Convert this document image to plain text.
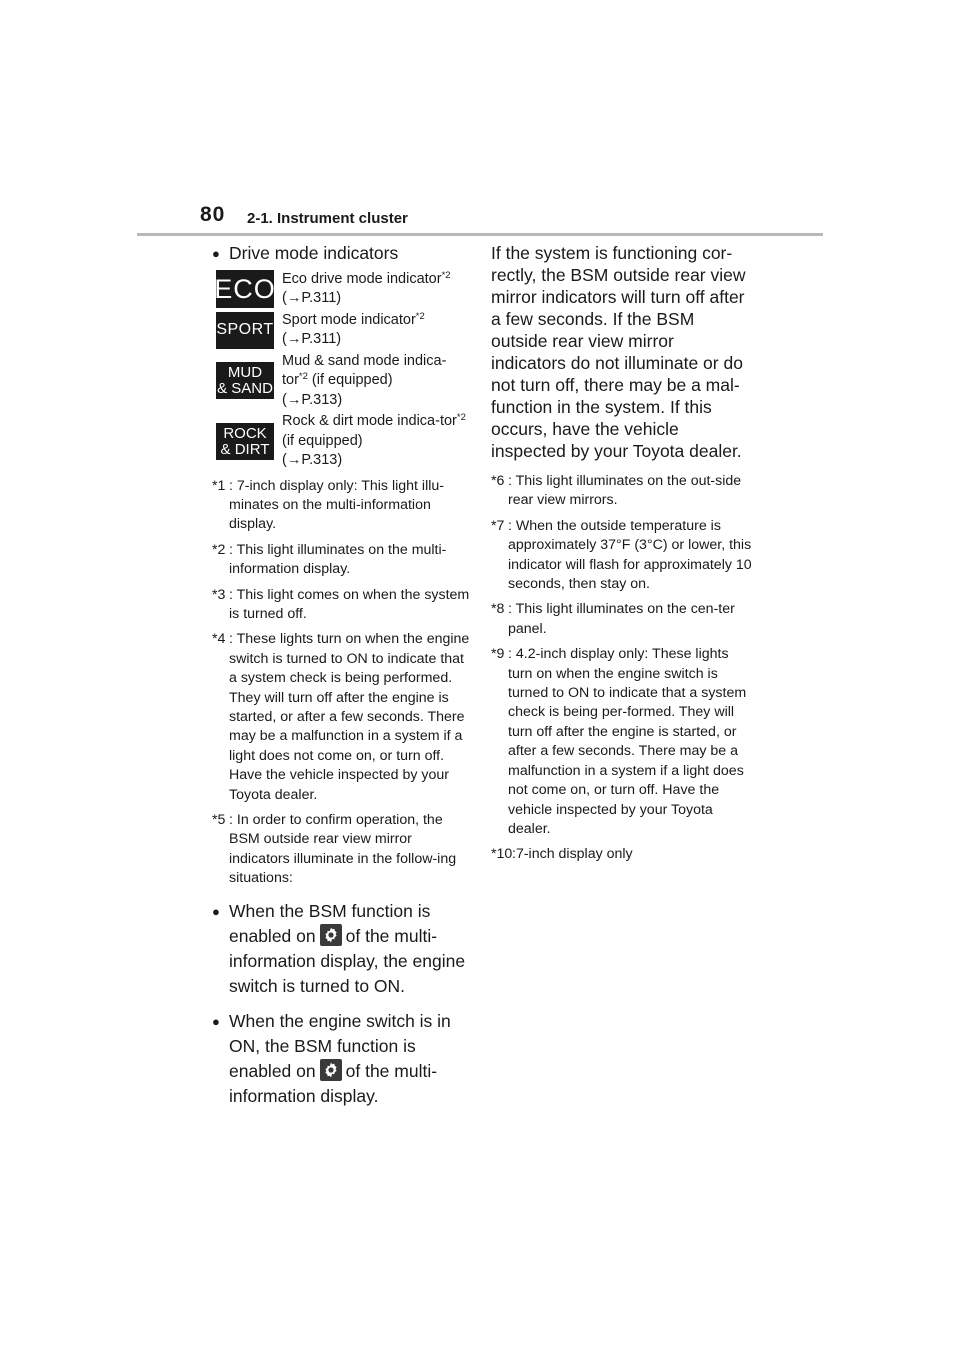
80 2-1. Instrument cluster

● Drive mode indicators

ECO Eco drive mode indicator$^{*2}$
(→P.311)
SPORT
Sport mode indicator$^{*2}$
(→P.311)
MUD
& SAND
Mud & sand mode indica-tor$^{*2}$ (if equipped)
(→P.313)
ROCK
& DIRT
Rock & dirt mode indica-tor$^{*2}$ (if equipped)
(→P.313)

*1 : 7-inch display only: This light illu-minates on the multi-information display.

*2 : This light illuminates on the multi-information display.

*3 : This light comes on when the system is turned off.

*4 : These lights turn on when the engine switch is turned to ON to indicate that a system check is being performed. They will turn off after the engine is started, or after a few seconds. There may be a malfunction in a system if a light does not come on, or turn off. Have the vehicle inspected by your Toyota dealer.

*5 : In order to confirm operation, the BSM outside rear view mirror indicators illuminate in the follow-ing situations:

● When the BSM function is enabled on of the multi-information display, the engine switch is turned to ON.

● When the engine switch is in ON, the BSM function is enabled on of the multi-information display.

If the system is functioning cor-rectly, the BSM outside rear view mirror indicators will turn off after a few seconds. If the BSM outside rear view mirror indicators do not illuminate or do not turn off, there may be a mal-function in the system. If this occurs, have the vehicle inspected by your Toyota dealer.

*6 : This light illuminates on the out-side rear view mirrors.

*7 : When the outside temperature is approximately 37°F (3°C) or lower, this indicator will flash for approximately 10 seconds, then stay on.

*8 : This light illuminates on the cen-ter panel.

*9 : 4.2-inch display only: These lights turn on when the engine switch is turned to ON to indicate that a system check is being per-formed. They will turn off after the engine is started, or after a few seconds. There may be a malfunction in a system if a light does not come on, or turn off. Have the vehicle inspected by your Toyota dealer.

*10 :7-inch display only
